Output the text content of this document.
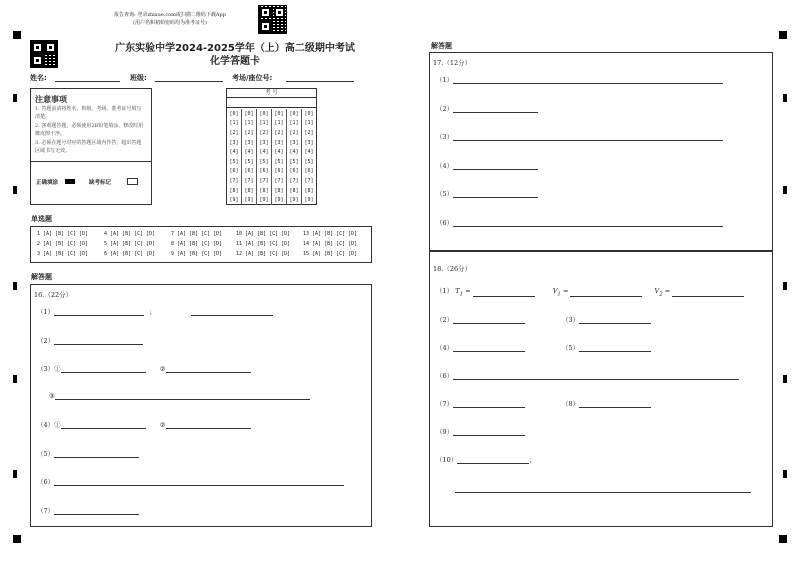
报告查询: 登录zhixue.com或扫描二维码下载App
(用户名和初始密码均为准考证号)
广东实验中学2024-2025学年（上）高二级期中考试
化学答题卡
姓名:	班级:	考场/座位号:
注意事项
1. 答题前请将姓名、班级、考场、准考证号填写清楚。
2. 客观题答题，必须使用2B铅笔填涂，修改时用橡皮擦干净。
3. 必须在题号对应的答题区域内作答，超出答题区域书写无效。
正确填涂	缺考标记
考 号
[0]	[0]	[0]	[0]	[0]	[0]
[1]	[1]	[1]	[1]	[1]	[1]
[2]	[2]	[2]	[2]	[2]	[2]
[3]	[3]	[3]	[3]	[3]	[3]
[4]	[4]	[4]	[4]	[4]	[4]
[5]	[5]	[5]	[5]	[5]	[5]
[6]	[6]	[6]	[6]	[6]	[6]
[7]	[7]	[7]	[7]	[7]	[7]
[8]	[8]	[8]	[8]	[8]	[8]
[9]	[9]	[9]	[9]	[9]	[9]
单选题
1 [A] [B] [C] [D]	4 [A] [B] [C] [D]	7 [A] [B] [C] [D]	10 [A] [B] [C] [D]	13 [A] [B] [C] [D]
2 [A] [B] [C] [D]	5 [A] [B] [C] [D]	8 [A] [B] [C] [D]	11 [A] [B] [C] [D]	14 [A] [B] [C] [D]
3 [A] [B] [C] [D]	6 [A] [B] [C] [D]	9 [A] [B] [C] [D]	12 [A] [B] [C] [D]	15 [A] [B] [C] [D]
解答题
16.（22分）
（1）	；
（2）
（3）①	②
③
（4）①	②
（5）
（6）
（7）
解答题
17.（12分）
（1）
（2）
（3）
（4）
（5）
（6）
18.（26分）
（1） $T_1$ =	$V_1$ =	$V_2$ =
（2）	（3）
（4）	（5）
（6）
（7）	（8）
（9）
（10）	；
